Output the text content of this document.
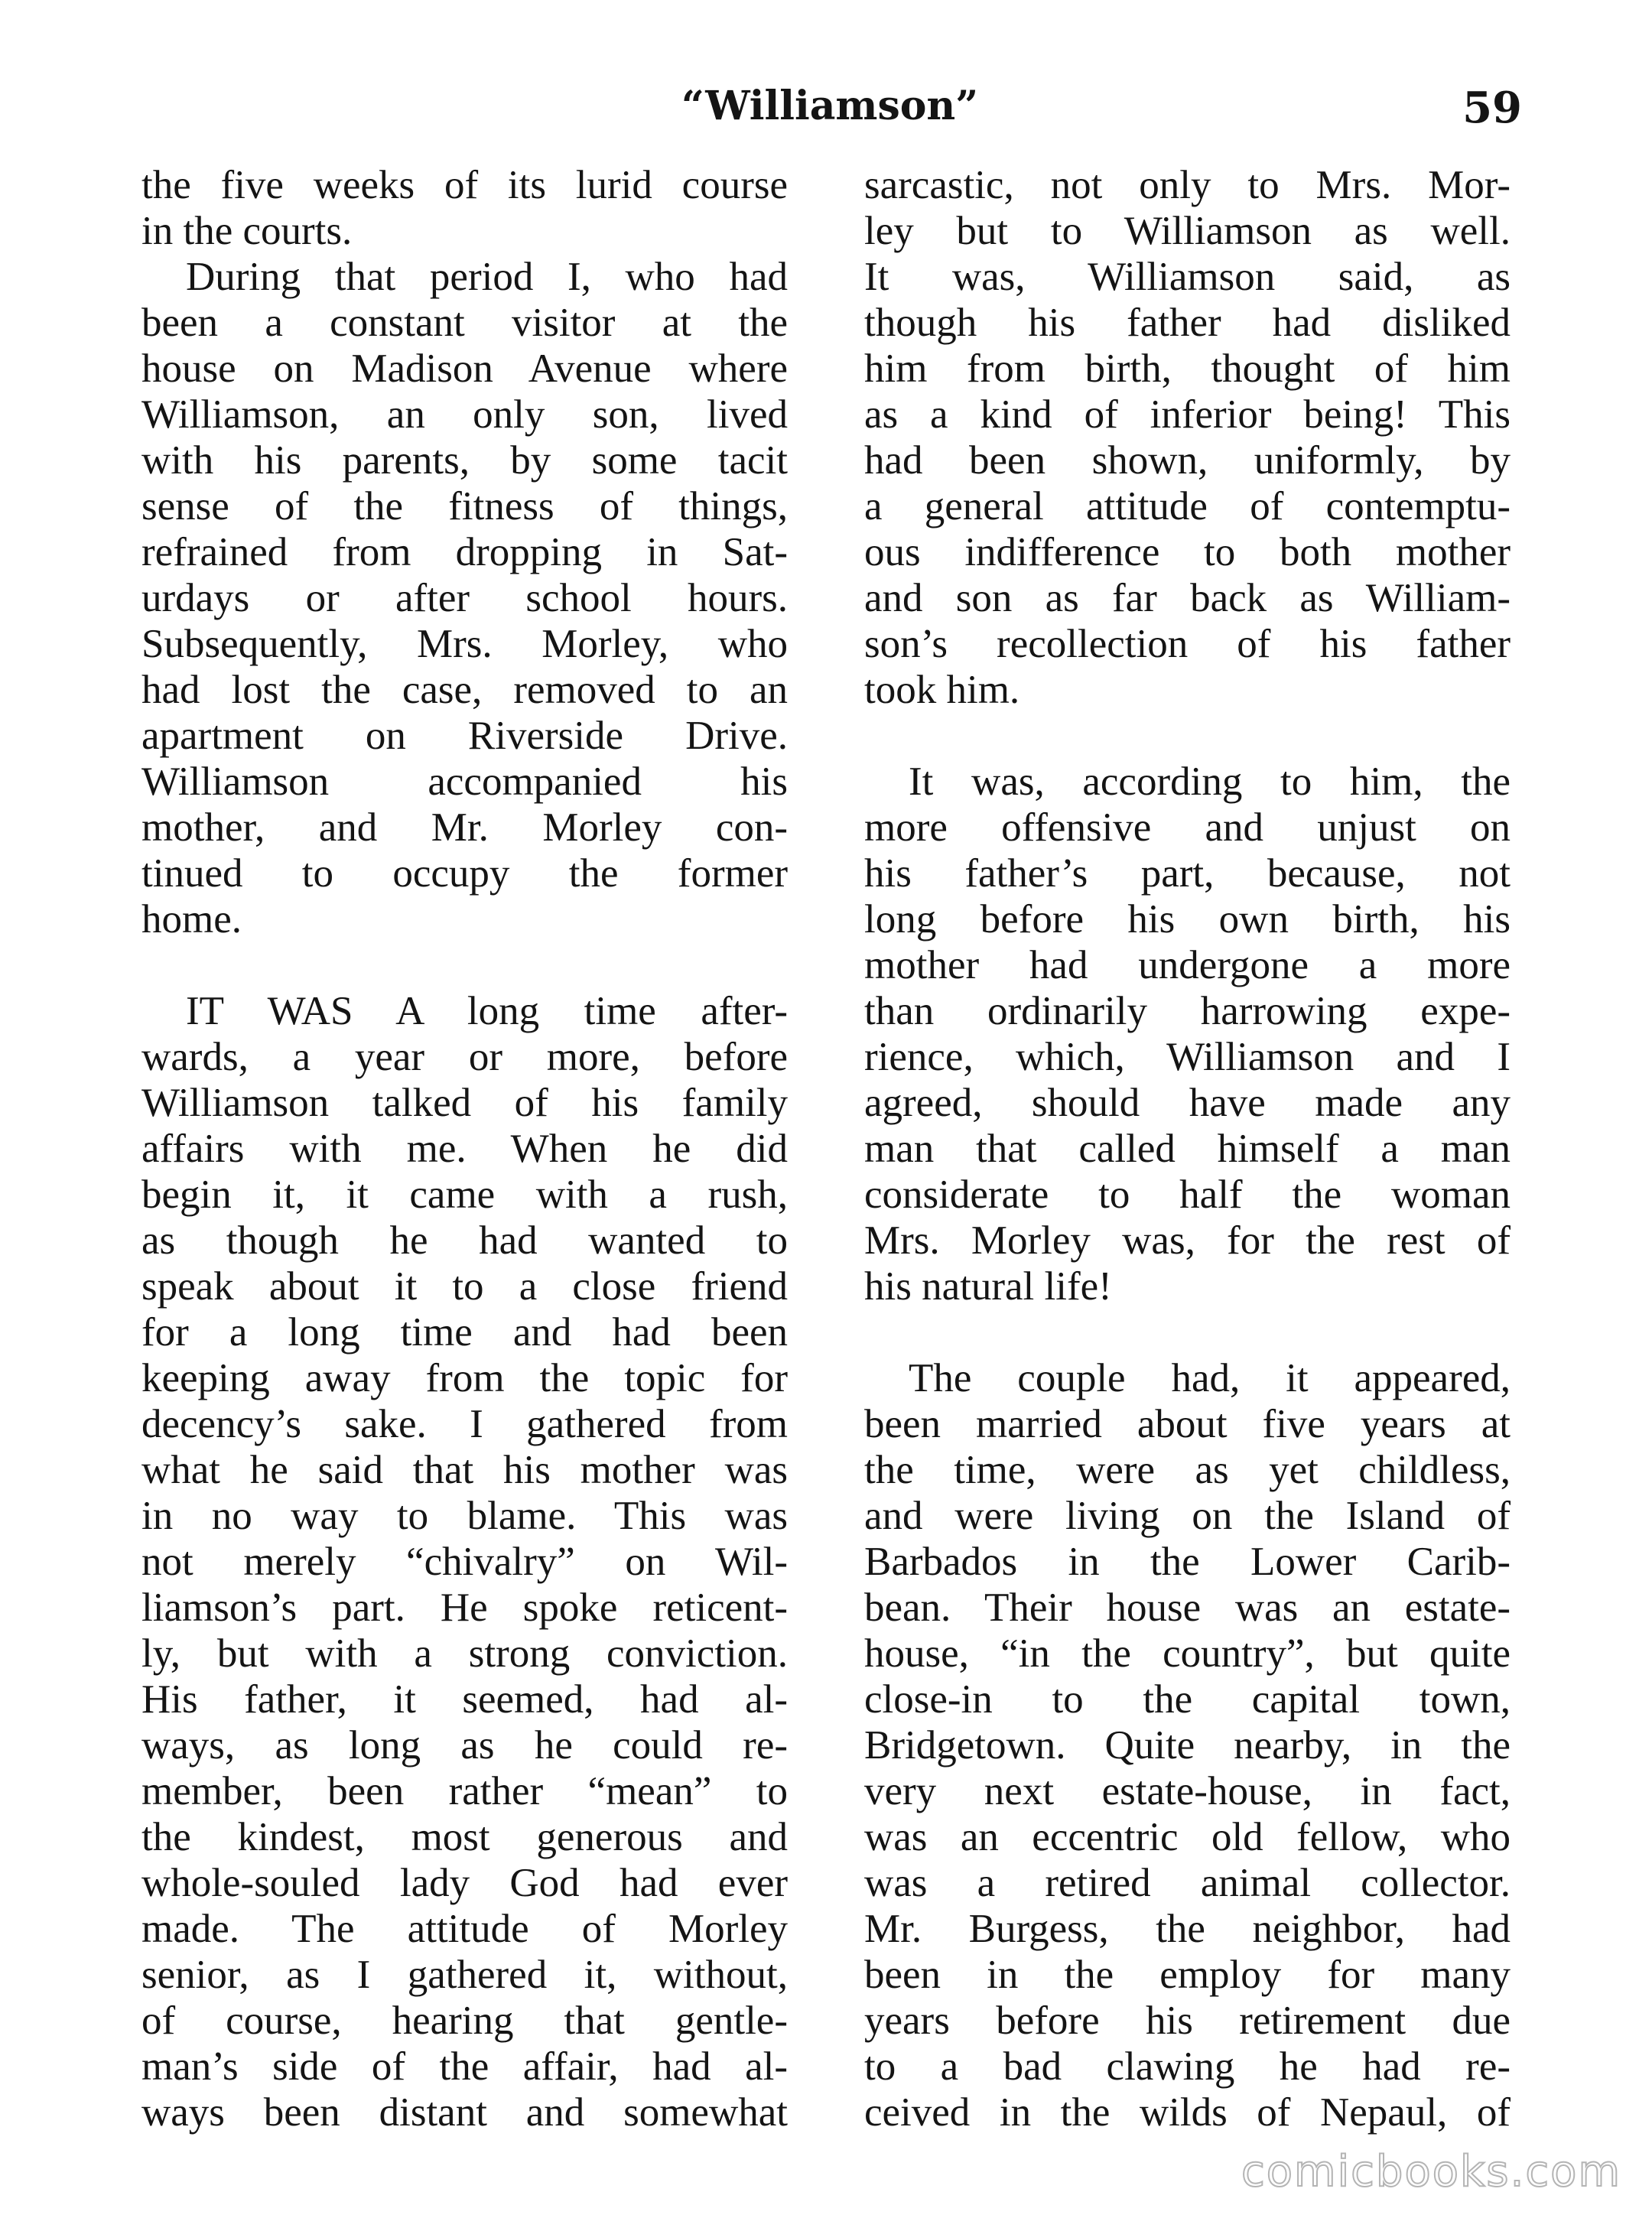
“Williamson”	59
the five weeks of its lurid course
in the courts.
During that period I, who had
been a constant visitor at the
house on Madison Avenue where
Williamson, an only son, lived
with his parents, by some tacit
sense of the fitness of things,
refrained from dropping in Sat-
urdays or after school hours.
Subsequently, Mrs. Morley, who
had lost the case, removed to an
apartment on Riverside Drive.
Williamson accompanied his
mother, and Mr. Morley con-
tinued to occupy the former
home.
IT WAS A long time after-
wards, a year or more, before
Williamson talked of his family
affairs with me. When he did
begin it, it came with a rush,
as though he had wanted to
speak about it to a close friend
for a long time and had been
keeping away from the topic for
decency’s sake. I gathered from
what he said that his mother was
in no way to blame. This was
not merely “chivalry” on Wil-
liamson’s part. He spoke reticent-
ly, but with a strong conviction.
His father, it seemed, had al-
ways, as long as he could re-
member, been rather “mean” to
the kindest, most generous and
whole-souled lady God had ever
made. The attitude of Morley
senior, as I gathered it, without,
of course, hearing that gentle-
man’s side of the affair, had al-
ways been distant and somewhat
sarcastic, not only to Mrs. Mor-
ley but to Williamson as well.
It was, Williamson said, as
though his father had disliked
him from birth, thought of him
as a kind of inferior being! This
had been shown, uniformly, by
a general attitude of contemptu-
ous indifference to both mother
and son as far back as William-
son’s recollection of his father
took him.
It was, according to him, the
more offensive and unjust on
his father’s part, because, not
long before his own birth, his
mother had undergone a more
than ordinarily harrowing expe-
rience, which, Williamson and I
agreed, should have made any
man that called himself a man
considerate to half the woman
Mrs. Morley was, for the rest of
his natural life!
The couple had, it appeared,
been married about five years at
the time, were as yet childless,
and were living on the Island of
Barbados in the Lower Carib-
bean. Their house was an estate-
house, “in the country”, but quite
close-in to the capital town,
Bridgetown. Quite nearby, in the
very next estate-house, in fact,
was an eccentric old fellow, who
was a retired animal collector.
Mr. Burgess, the neighbor, had
been in the employ for many
years before his retirement due
to a bad clawing he had re-
ceived in the wilds of Nepaul, of
comicbooks.com
